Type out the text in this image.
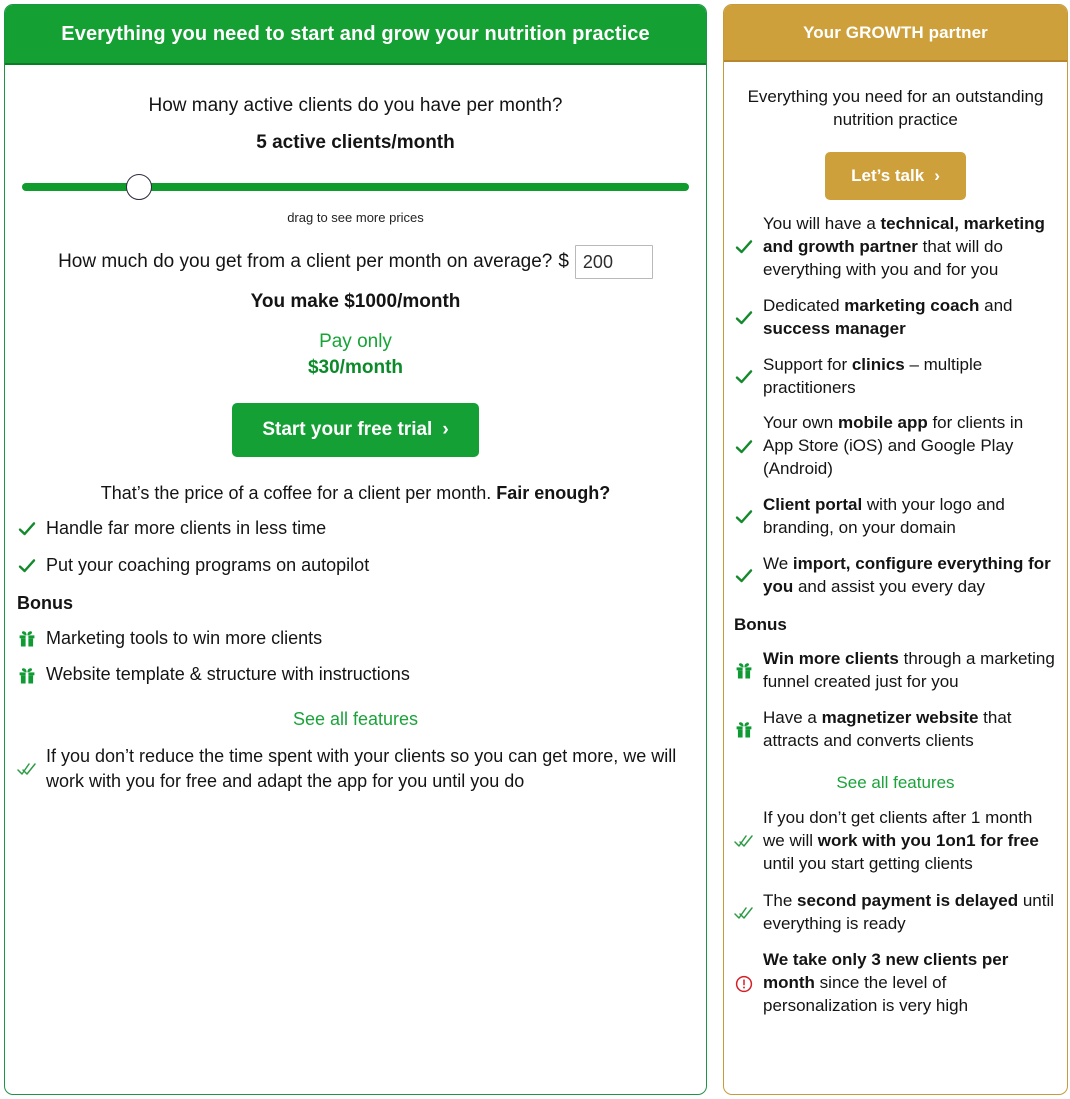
Everything you need to start and grow your nutrition practice
How many active clients do you have per month?
5 active clients/month
drag to see more prices
How much do you get from a client per month on average? $
200
You make $1000/month
Pay only
$30/month
Start your free trial ›
That’s the price of a coffee for a client per month. Fair enough?
Handle far more clients in less time
Put your coaching programs on autopilot
Bonus
Marketing tools to win more clients
Website template & structure with instructions
See all features
If you don’t reduce the time spent with your clients so you can get more, we will work with you for free and adapt the app for you until you do
Your GROWTH partner
Everything you need for an outstanding nutrition practice
Let’s talk ›
You will have a technical, marketing and growth partner that will do everything with you and for you
Dedicated marketing coach and success manager
Support for clinics – multiple practitioners
Your own mobile app for clients in App Store (iOS) and Google Play (Android)
Client portal with your logo and branding, on your domain
We import, configure everything for you and assist you every day
Bonus
Win more clients through a marketing funnel created just for you
Have a magnetizer website that attracts and converts clients
See all features
If you don’t get clients after 1 month we will work with you 1on1 for free until you start getting clients
The second payment is delayed until everything is ready
We take only 3 new clients per month since the level of personalization is very high
